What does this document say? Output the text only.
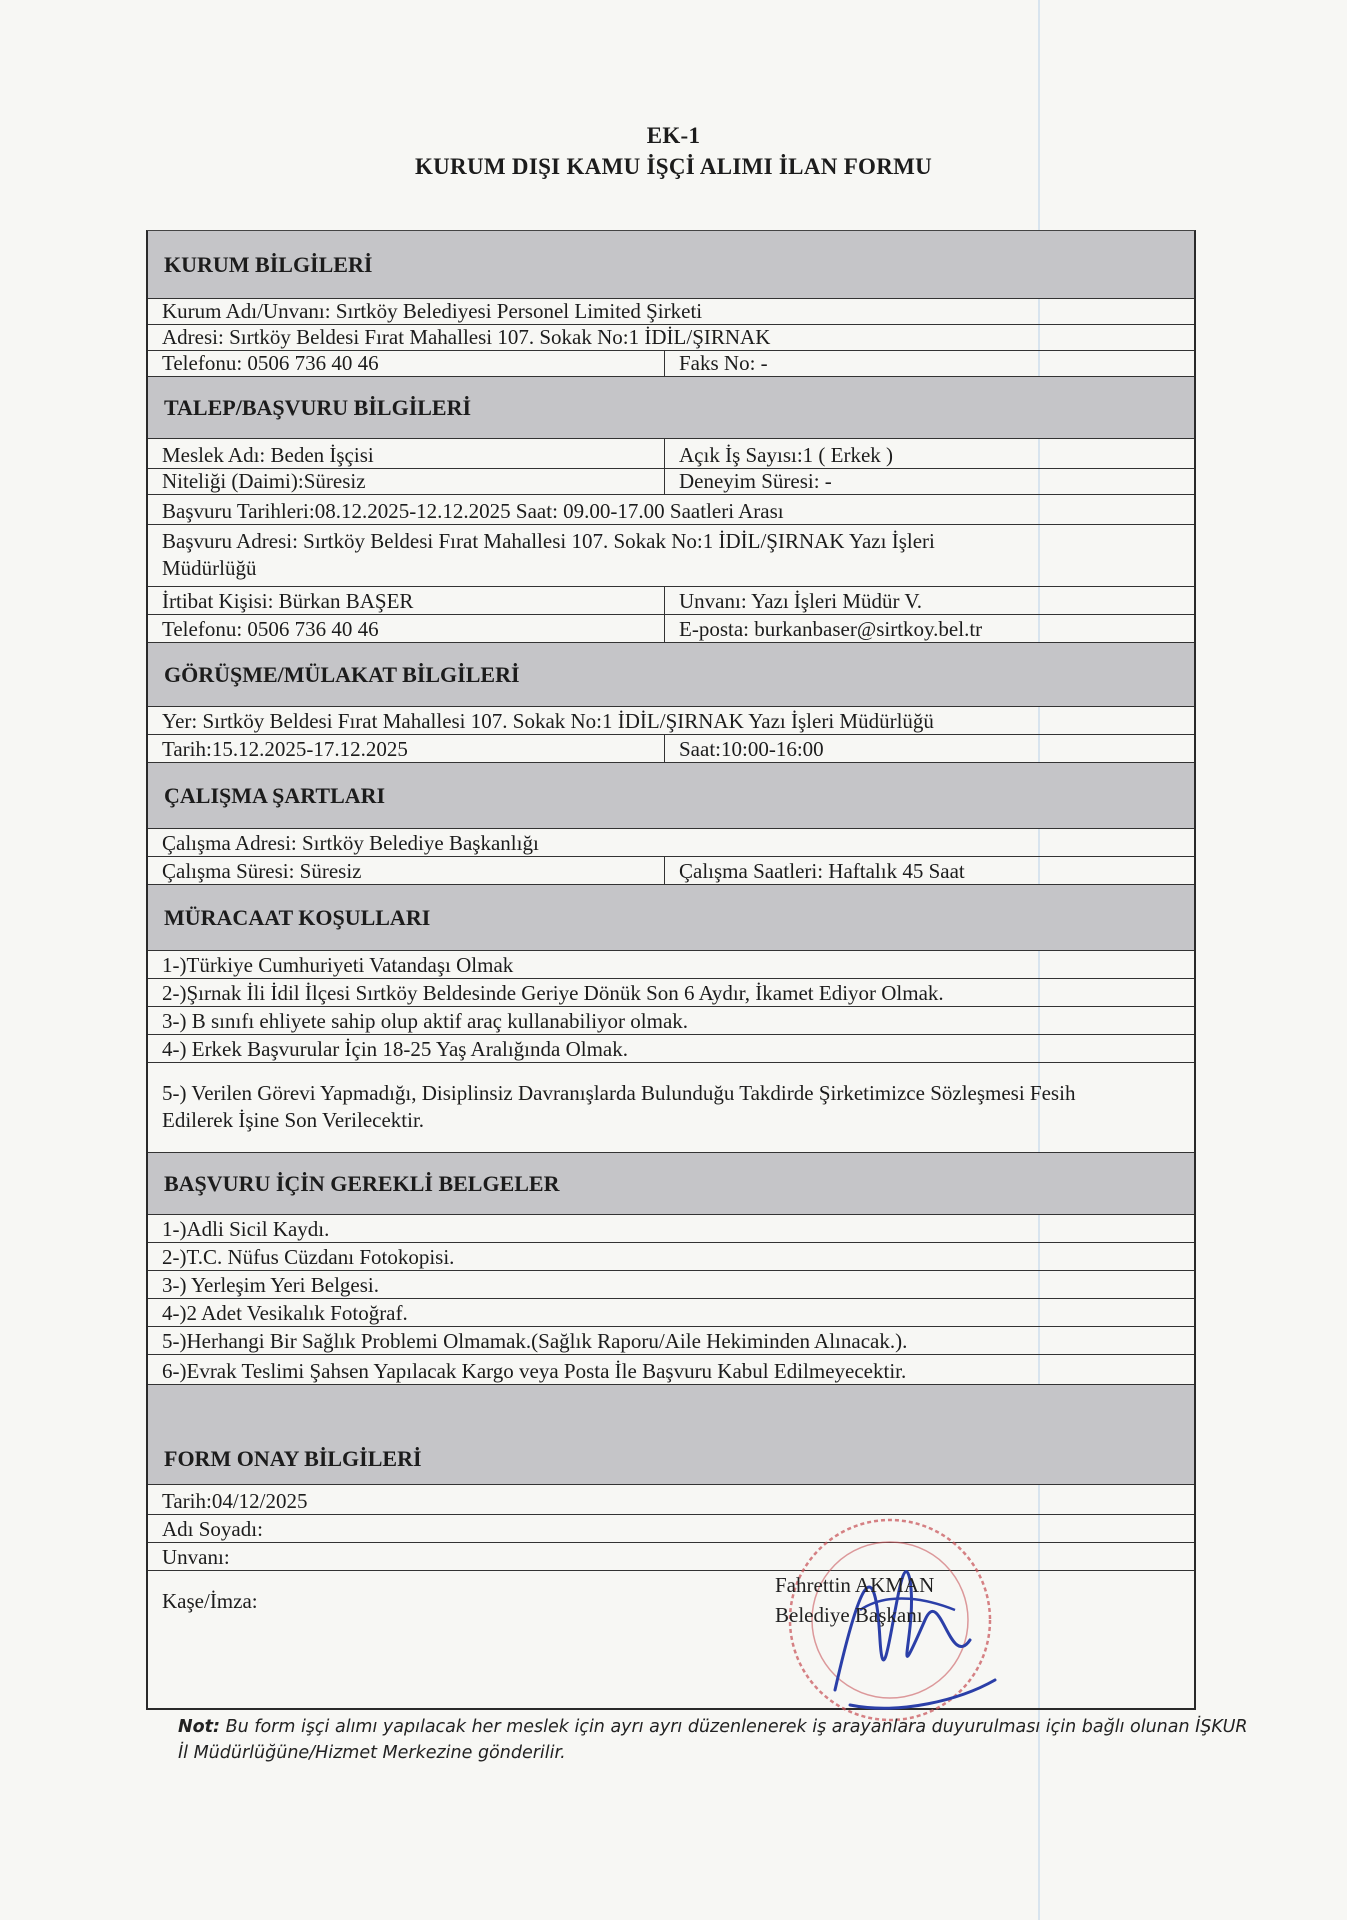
EK-1
KURUM DIŞI KAMU İŞÇİ ALIMI İLAN FORMU
KURUM BİLGİLERİ
Kurum Adı/Unvanı: Sırtköy Belediyesi Personel Limited Şirketi
Adresi: Sırtköy Beldesi Fırat Mahallesi 107. Sokak No:1 İDİL/ŞIRNAK
Telefonu: 0506 736 40 46	Faks No: -
TALEP/BAŞVURU BİLGİLERİ
Meslek Adı: Beden İşçisi	Açık İş Sayısı:1 ( Erkek )
Niteliği (Daimi):Süresiz	Deneyim Süresi: -
Başvuru Tarihleri:08.12.2025-12.12.2025 Saat: 09.00-17.00 Saatleri Arası
Başvuru Adresi: Sırtköy Beldesi Fırat Mahallesi 107. Sokak No:1 İDİL/ŞIRNAK Yazı İşleri Müdürlüğü
İrtibat Kişisi: Bürkan BAŞER	Unvanı: Yazı İşleri Müdür V.
Telefonu: 0506 736 40 46	E-posta: burkanbaser@sirtkoy.bel.tr
GÖRÜŞME/MÜLAKAT BİLGİLERİ
Yer: Sırtköy Beldesi Fırat Mahallesi 107. Sokak No:1 İDİL/ŞIRNAK Yazı İşleri Müdürlüğü
Tarih:15.12.2025-17.12.2025	Saat:10:00-16:00
ÇALIŞMA ŞARTLARI
Çalışma Adresi: Sırtköy Belediye Başkanlığı
Çalışma Süresi: Süresiz	Çalışma Saatleri: Haftalık 45 Saat
MÜRACAAT KOŞULLARI
1-)Türkiye Cumhuriyeti Vatandaşı Olmak
2-)Şırnak İli İdil İlçesi Sırtköy Beldesinde Geriye Dönük Son 6 Aydır, İkamet Ediyor Olmak.
3-) B sınıfı ehliyete sahip olup aktif araç kullanabiliyor olmak.
4-) Erkek Başvurular İçin 18-25 Yaş Aralığında Olmak.
5-) Verilen Görevi Yapmadığı, Disiplinsiz Davranışlarda Bulunduğu Takdirde Şirketimizce Sözleşmesi Fesih Edilerek İşine Son Verilecektir.
BAŞVURU İÇİN GEREKLİ BELGELER
1-)Adli Sicil Kaydı.
2-)T.C. Nüfus Cüzdanı Fotokopisi.
3-) Yerleşim Yeri Belgesi.
4-)2 Adet Vesikalık Fotoğraf.
5-)Herhangi Bir Sağlık Problemi Olmamak.(Sağlık Raporu/Aile Hekiminden Alınacak.).
6-)Evrak Teslimi Şahsen Yapılacak Kargo veya Posta İle Başvuru Kabul Edilmeyecektir.
FORM ONAY BİLGİLERİ
Tarih:04/12/2025
Adı Soyadı:
Unvanı:
Kaşe/İmza:
Fahrettin AKMAN
Belediye Başkanı
Not: Bu form işçi alımı yapılacak her meslek için ayrı ayrı düzenlenerek iş arayanlara duyurulması için bağlı olunan İŞKUR İl Müdürlüğüne/Hizmet Merkezine gönderilir.
